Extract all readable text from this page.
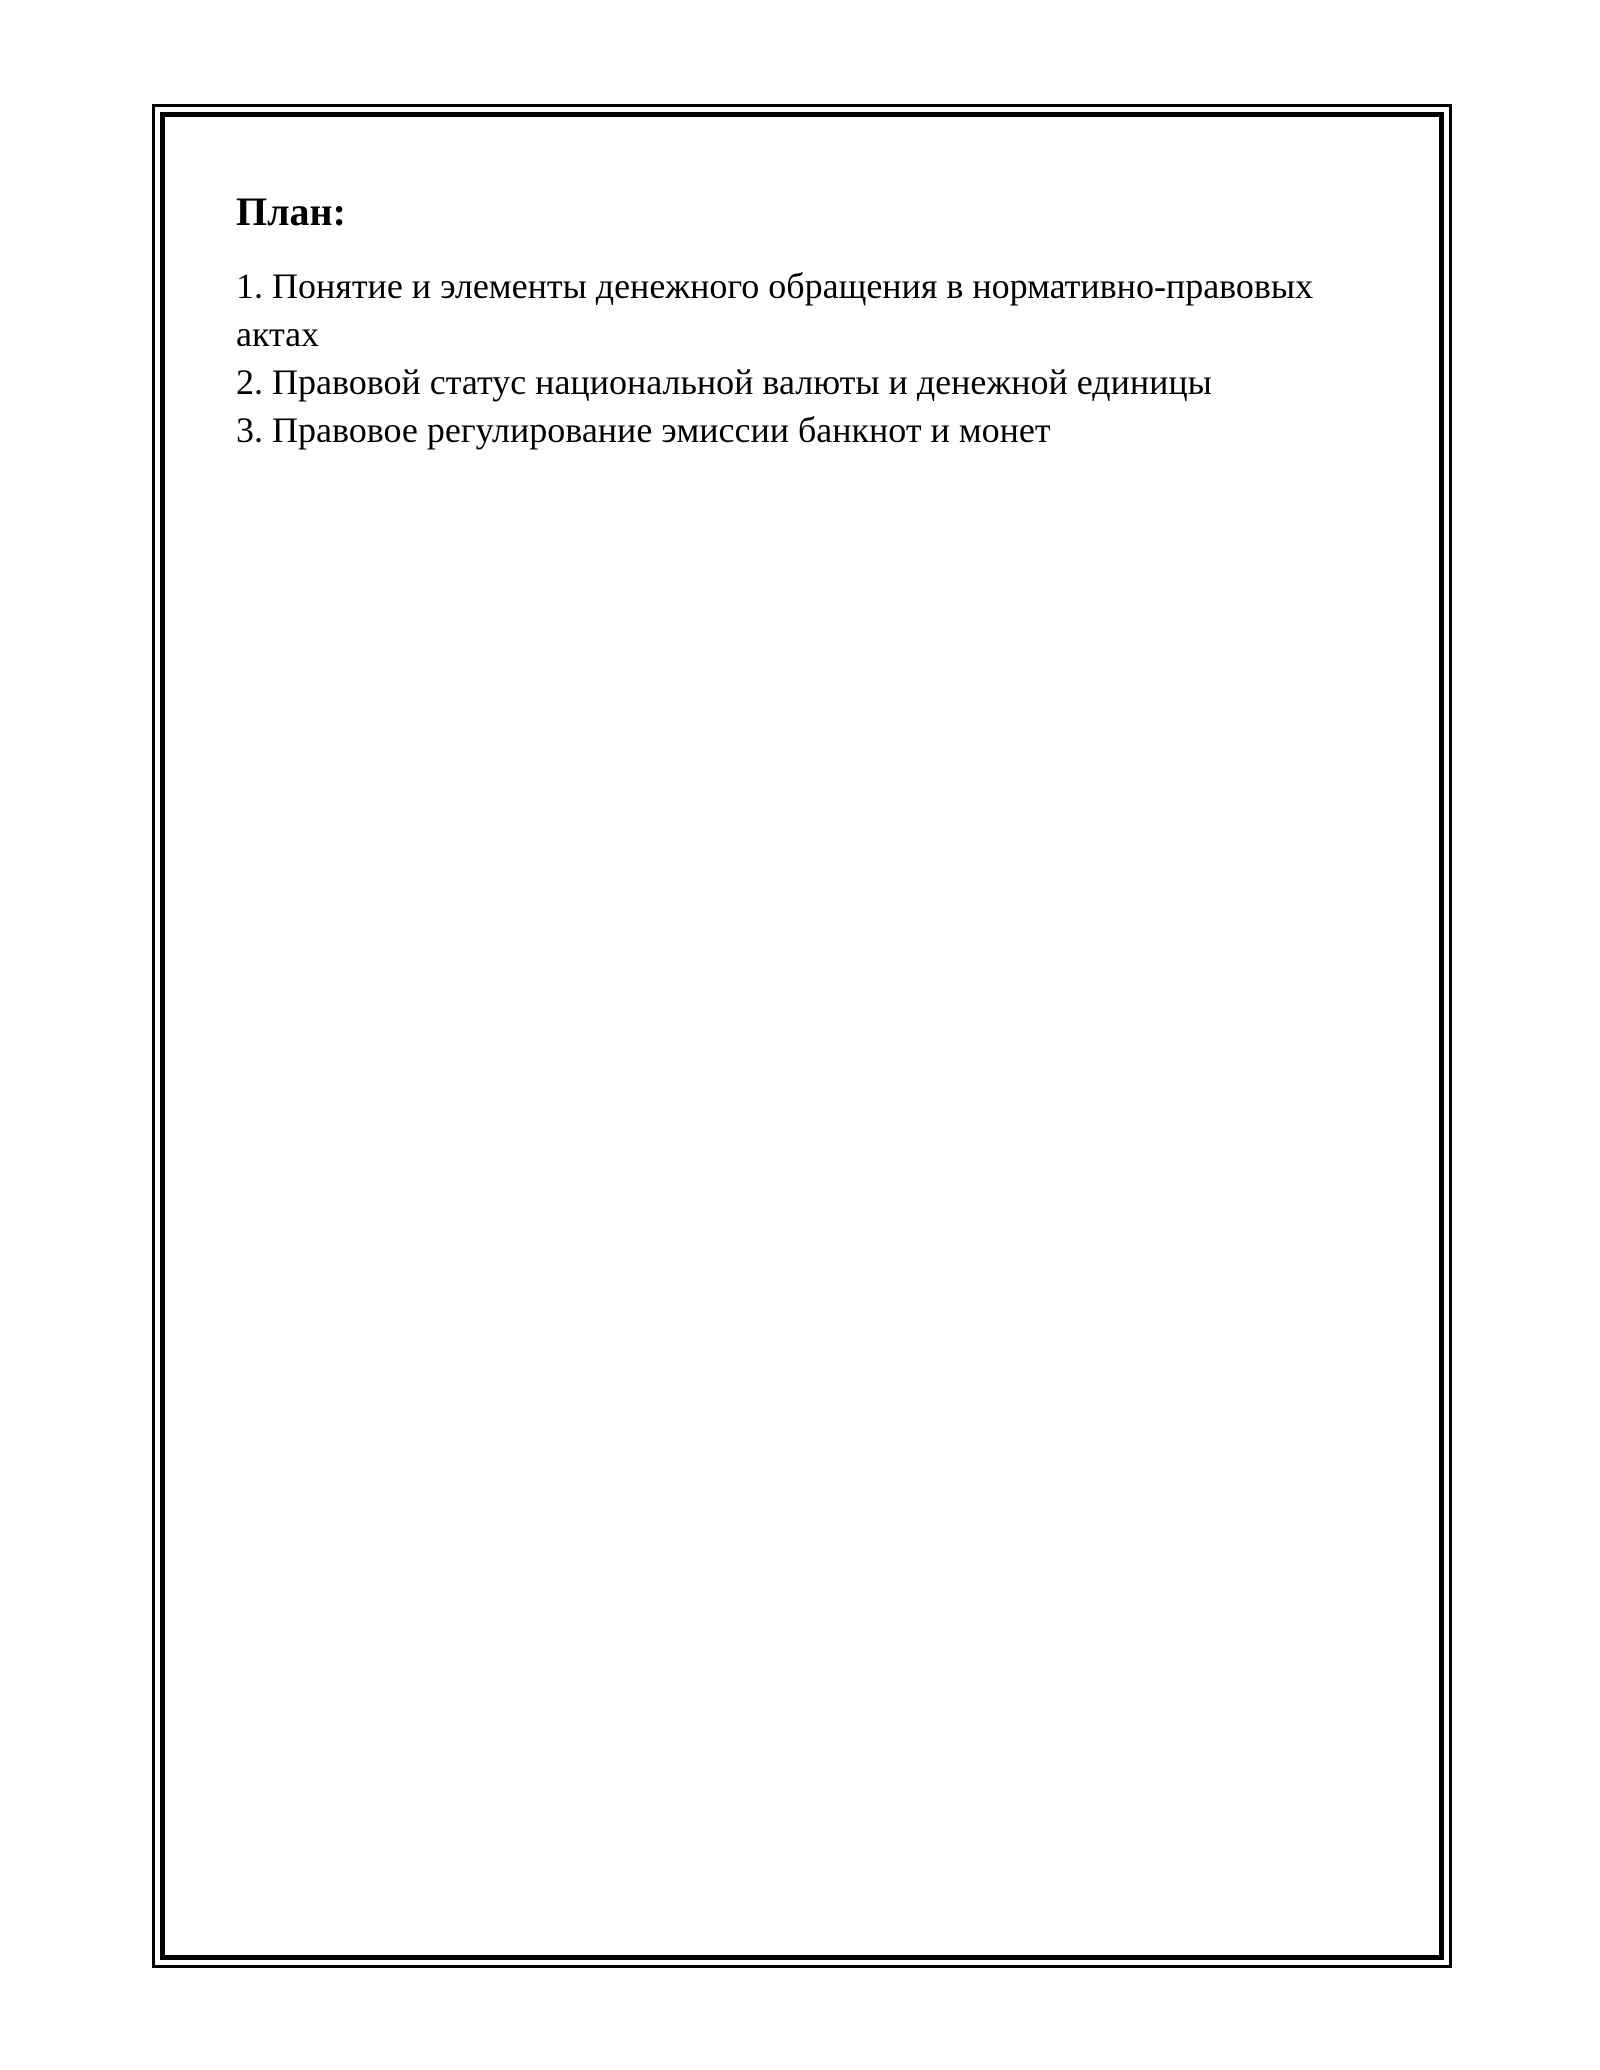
План:
1. Понятие и элементы денежного обращения в нормативно-правовых актах
2. Правовой статус национальной валюты и денежной единицы
3. Правовое регулирование эмиссии банкнот и монет
